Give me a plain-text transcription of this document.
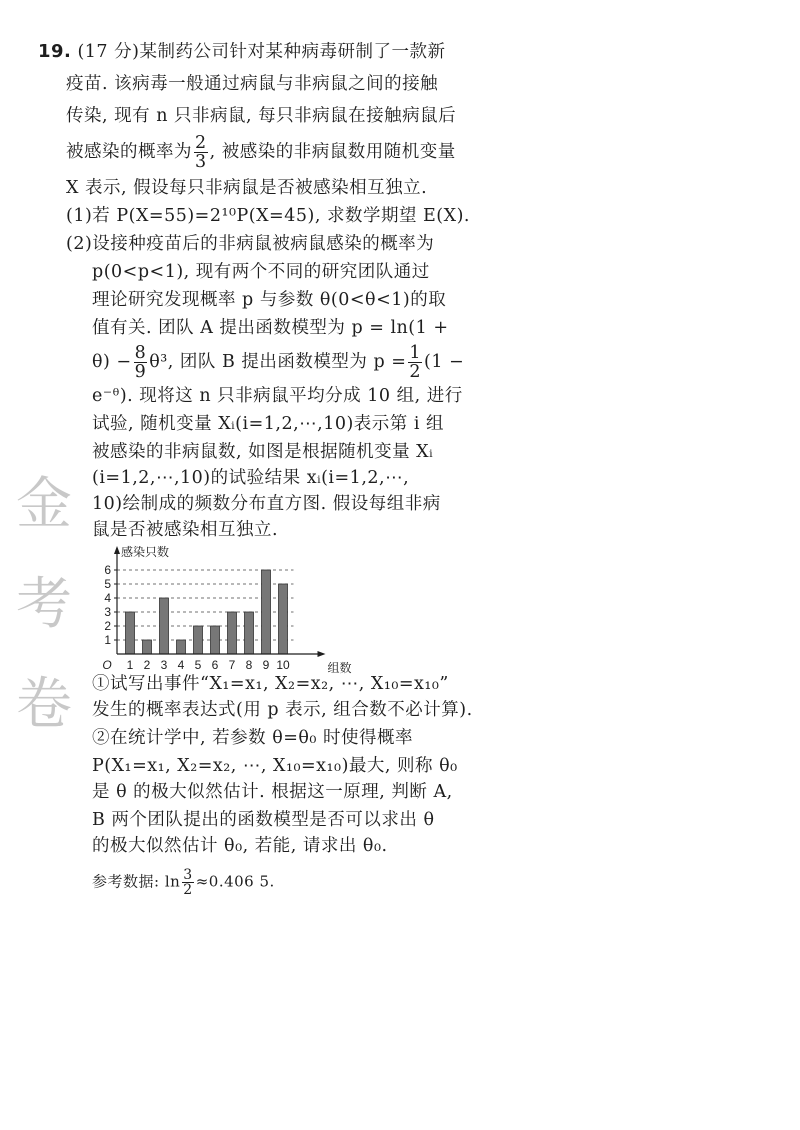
金
考
卷
19. (17 分)某制药公司针对某种病毒研制了一款新
疫苗. 该病毒一般通过病鼠与非病鼠之间的接触
传染, 现有 n 只非病鼠, 每只非病鼠在接触病鼠后
被感染的概率为 $\frac{2}{3}$ , 被感染的非病鼠数用随机变量
X 表示, 假设每只非病鼠是否被感染相互独立.
(1)若 P(X=55)=2¹⁰P(X=45), 求数学期望 E(X).
(2)设接种疫苗后的非病鼠被病鼠感染的概率为
p(0<p<1), 现有两个不同的研究团队通过
理论研究发现概率 p 与参数 θ(0<θ<1)的取
值有关. 团队 A 提出函数模型为 p = ln(1 +
$\theta) - \frac{8}{9} \theta^3$, 团队 B 提出函数模型为 $p = \frac{1}{2} (1$ −
e⁻ᶿ). 现将这 n 只非病鼠平均分成 10 组, 进行
试验, 随机变量 Xᵢ(i=1,2,⋯,10)表示第 i 组
被感染的非病鼠数, 如图是根据随机变量 Xᵢ
(i=1,2,⋯,10)的试验结果 xᵢ(i=1,2,⋯,
10)绘制成的频数分布直方图. 假设每组非病
鼠是否被感染相互独立.
1
2
3
4
5
6
1 2 3 4 5 6 7 8 9 10
感染只数
组数
O
①试写出事件“X₁=x₁, X₂=x₂, ⋯, X₁₀=x₁₀”
发生的概率表达式(用 p 表示, 组合数不必计算).
②在统计学中, 若参数 θ=θ₀ 时使得概率
P(X₁=x₁, X₂=x₂, ⋯, X₁₀=x₁₀)最大, 则称 θ₀
是 θ 的极大似然估计. 根据这一原理, 判断 A,
B 两个团队提出的函数模型是否可以求出 θ
的极大似然估计 θ₀, 若能, 请求出 θ₀.
参考数据: $\ln \frac{3}{2} \approx 0.406$ 5.
